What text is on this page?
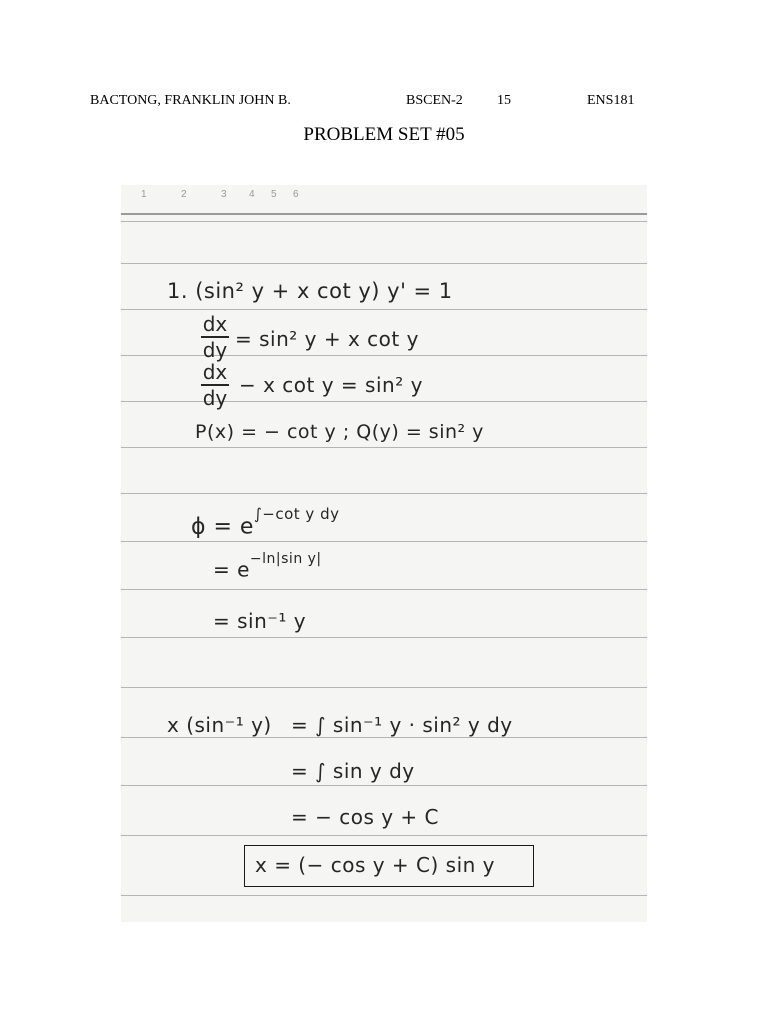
BACTONG, FRANKLIN JOHN B.	BSCEN-2 15	ENS181
PROBLEM SET #05
1	2	3 4 5 6
1. (sin² y + x cot y) y' = 1
dx
dy = sin² y + x cot y
dx
dy
− x cot y = sin² y
P(x) = − cot y ; Q(y) = sin² y
$\phi = e^{\int-cot y dy}$
= $e^{-ln|sin y|}$
= sin⁻¹ y
x (sin⁻¹ y) = ∫ sin⁻¹ y · sin² y dy
= ∫ sin y dy
= − cos y + C
x = (− cos y + C) sin y
